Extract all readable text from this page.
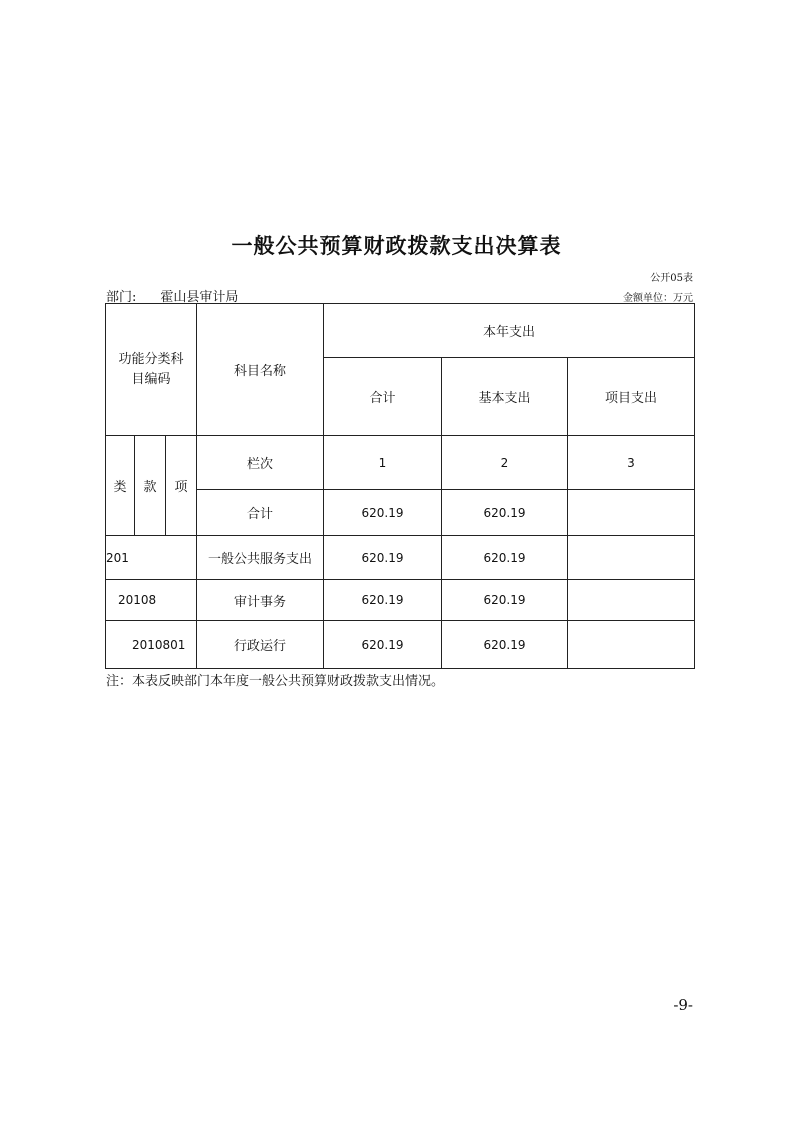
一般公共预算财政拨款支出决算表
公开05表
部门: 霍山县审计局	金额单位：万元
功能分类科目编码			科目名称	本年支出		
				合计	基本支出	项目支出
类	款	项	栏次	1	2	3
			合计	620.19	620.19	
201			一般公共服务支出	620.19	620.19	
20108			审计事务	620.19	620.19	
2010801			行政运行	620.19	620.19	
注：本表反映部门本年度一般公共预算财政拨款支出情况。
-9-
